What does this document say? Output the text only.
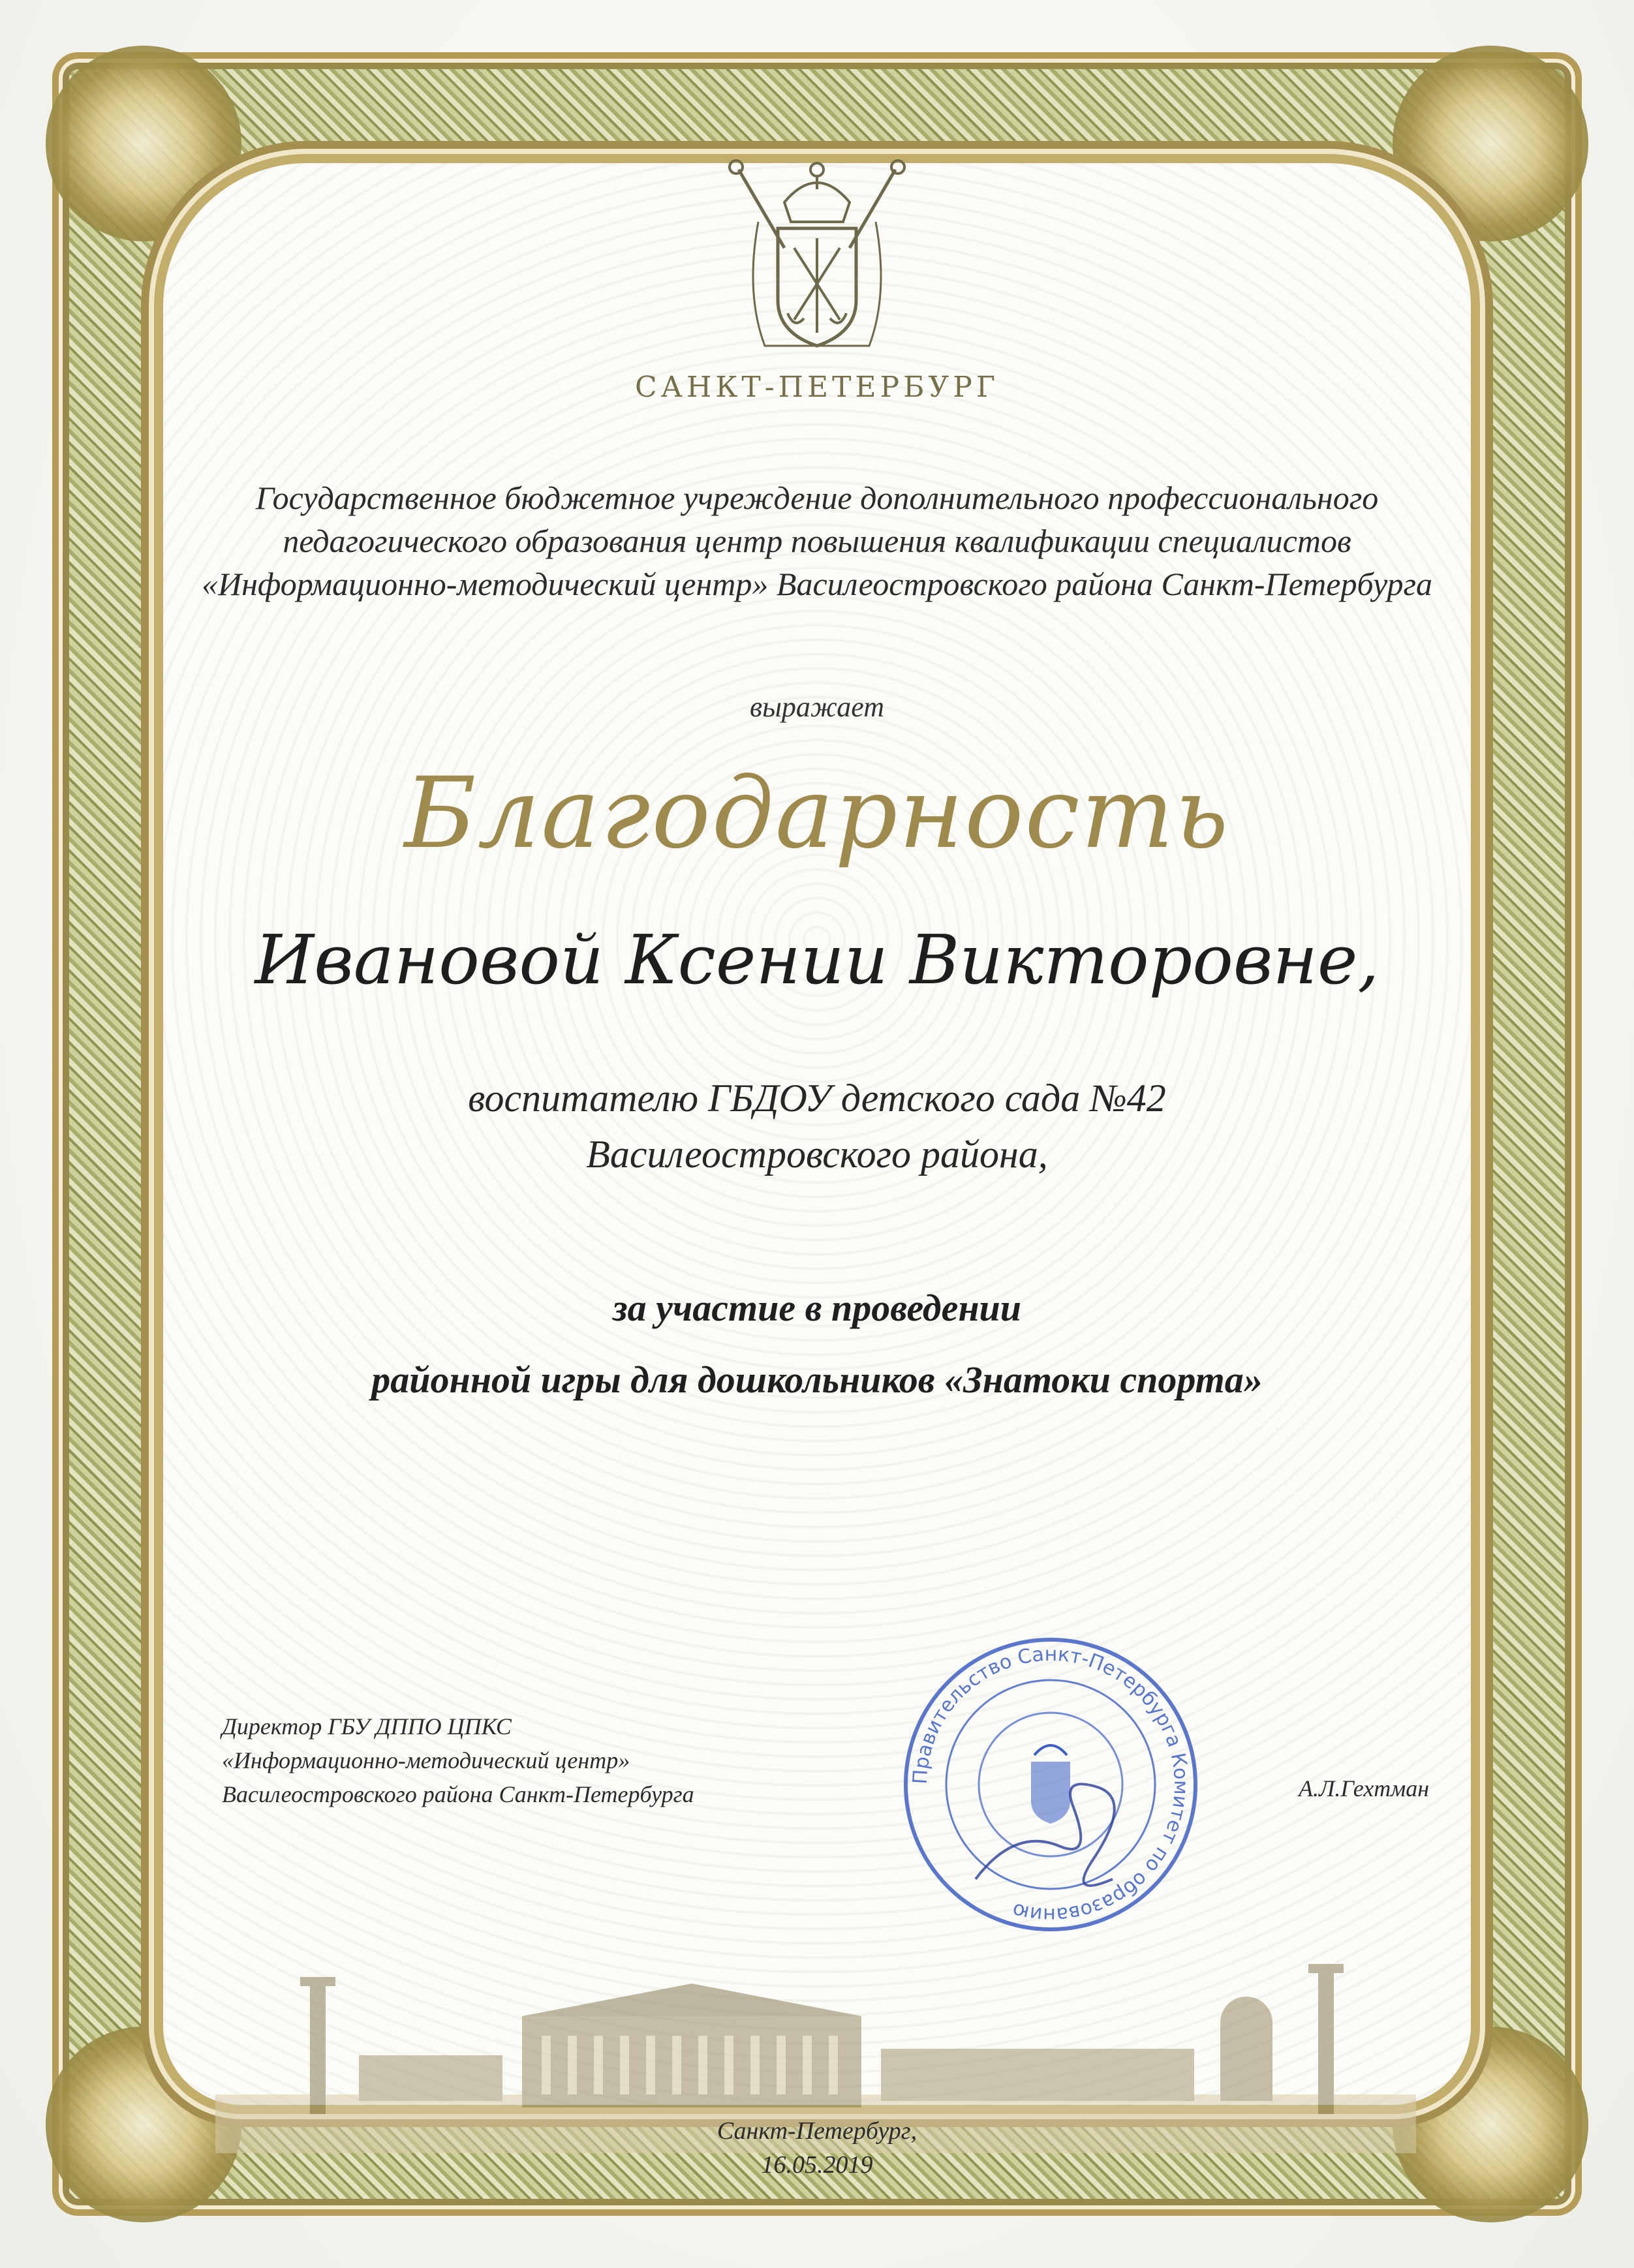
САНКТ-ПЕТЕРБУРГ
Государственное бюджетное учреждение дополнительного профессионального
педагогического образования центр повышения квалификации специалистов
«Информационно-методический центр» Василеостровского района Санкт-Петербурга
выражает
Благодарность
Ивановой Ксении Викторовне,
воспитателю ГБДОУ детского сада №42
Василеостровского района,
за участие в проведении
районной игры для дошкольников «Знатоки спорта»
Директор ГБУ ДППО ЦПКС
«Информационно-методический центр»
Василеостровского района Санкт-Петербурга	А.Л.Гехтман
Правительство Санкт-Петербурга Комитет по образованию
Санкт-Петербург,
16.05.2019
